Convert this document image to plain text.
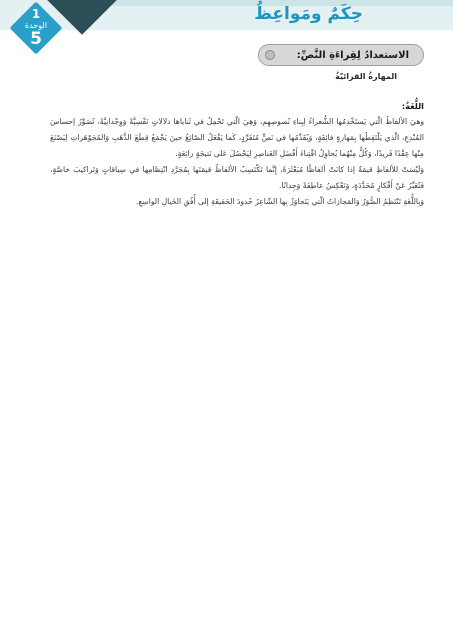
1
الوحدة
5
حِكَمٌ ومَواعِظُ
الاستعدادُ لِقِراءَةِ النَّصِّ:
المهارةُ القرائيّةُ

اللُّغَةُ:

وهيَ الألفاظُ الّتي يَستَخْدِمُها الشُّعراءُ لِبِناءِ نُصوصِهِم، وَهِيَ الّتي تَحْمِلُ في ثَناياها دلالاتٍ نَفْسِيَّةً وَوِجْدانِيَّةً، تُصَوِّرُ إحساسَ المُبْدِعِ، الّذي يَلْتَقِطُها بِمَهارةٍ فائِقَةٍ، وَيُقَدِّمُها في نَصٍّ مُتَفَرِّدٍ، كَما يَفْعَلُ الصّائِغُ حينَ يَجْمَعُ قِطَعَ الذَّهَبِ وَالمُجَوْهَراتِ لِيَصْنَعَ مِنْها عِقْدًا فَريدًا، وَكُلٌّ مِنْهُما يُحاوِلُ اقْتِناءَ أَفْضَلِ العَناصِرِ لِيَحْصُلَ عَلى نَتيجَةٍ رائِعَةٍ.

وَلَيْسَتْ للألفاظِ قيمَةٌ إذا كانَتْ ألفاظًا مُبَعْثَرَةً، إِنَّما تَكْتَسِبُ الألفاظُ قيمَتَها بِمُجَرَّدِ انْتِظامِها في سِياقاتٍ وَتَراكيبَ خاصَّةٍ، فَتُعَبِّرُ عَنْ أَفْكارٍ مُحَدَّدَةٍ، وَتَعْكِسُ عاطِفَةً وَجِدانًا.

وَبِاللُّغَةِ تَنْتَظِمُ الصُّوَرُ وَالمَجازاتُ الّتي يَتَجاوَزُ بِها الشّاعِرُ حُدودَ الحَقيقَةِ إلى أُفُقِ الخَيالِ الواسِعِ.
